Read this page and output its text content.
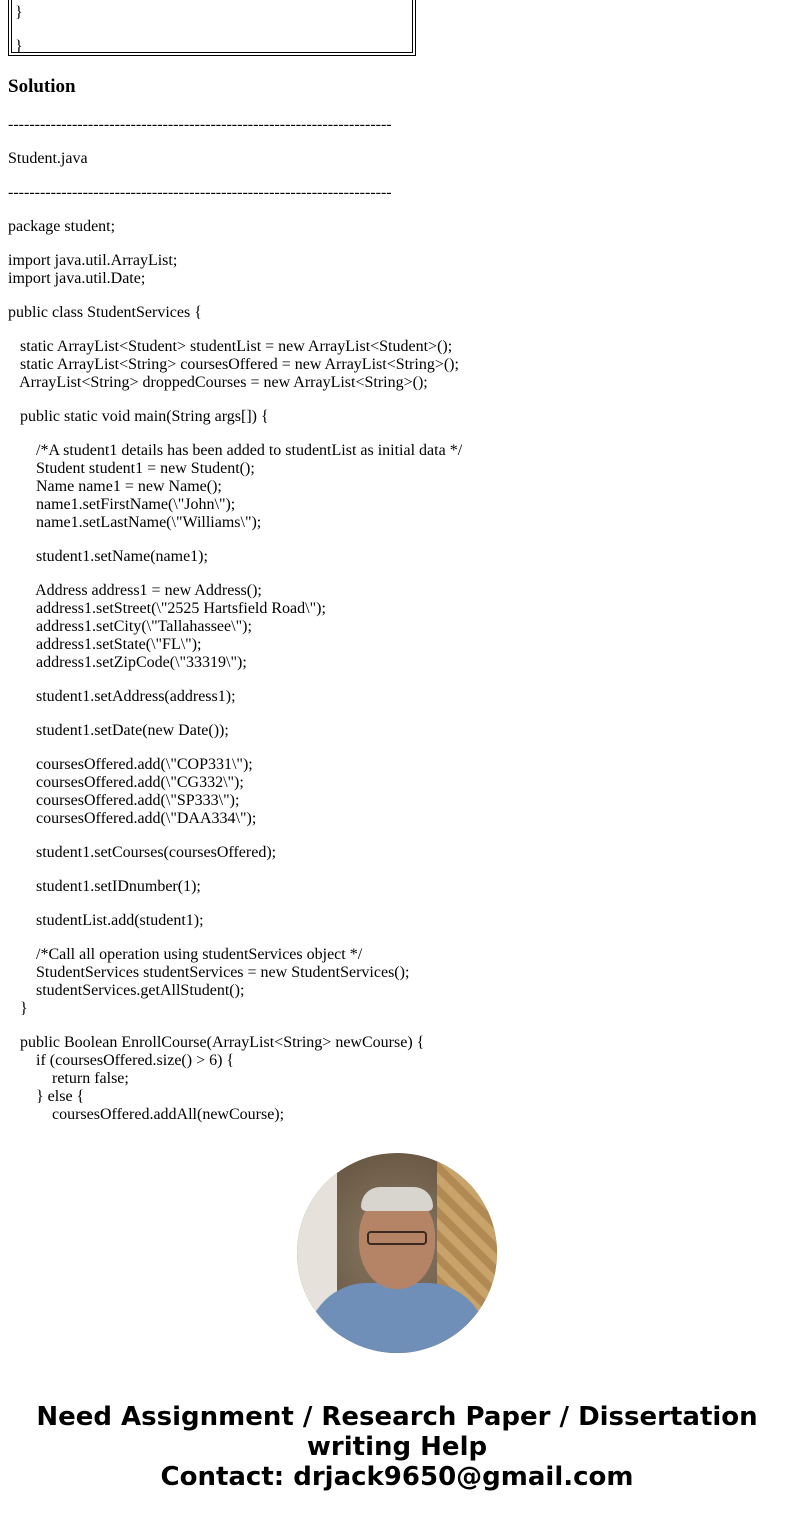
}
}
Solution

------------------------------------------------------------------------

Student.java

------------------------------------------------------------------------

package student;
import java.util.ArrayList;
import java.util.Date;
public class StudentServices {
static ArrayList<Student> studentList = new ArrayList<Student>();
static ArrayList<String> coursesOffered = new ArrayList<String>();
ArrayList<String> droppedCourses = new ArrayList<String>();
public static void main(String args[]) {
/*A student1 details has been added to studentList as initial data */
Student student1 = new Student();
Name name1 = new Name();
name1.setFirstName(\"John\");
name1.setLastName(\"Williams\");
student1.setName(name1);
Address address1 = new Address();
address1.setStreet(\"2525 Hartsfield Road\");
address1.setCity(\"Tallahassee\");
address1.setState(\"FL\");
address1.setZipCode(\"33319\");
student1.setAddress(address1);
student1.setDate(new Date());
coursesOffered.add(\"COP331\");
coursesOffered.add(\"CG332\");
coursesOffered.add(\"SP333\");
coursesOffered.add(\"DAA334\");
student1.setCourses(coursesOffered);
student1.setIDnumber(1);
studentList.add(student1);
/*Call all operation using studentServices object */
StudentServices studentServices = new StudentServices();
studentServices.getAllStudent();
}
public Boolean EnrollCourse(ArrayList<String> newCourse) {
if (coursesOffered.size() > 6) {
return false;
} else {
coursesOffered.addAll(newCourse);
Need Assignment / Research Paper / Dissertation
writing Help
Contact: drjack9650@gmail.com
